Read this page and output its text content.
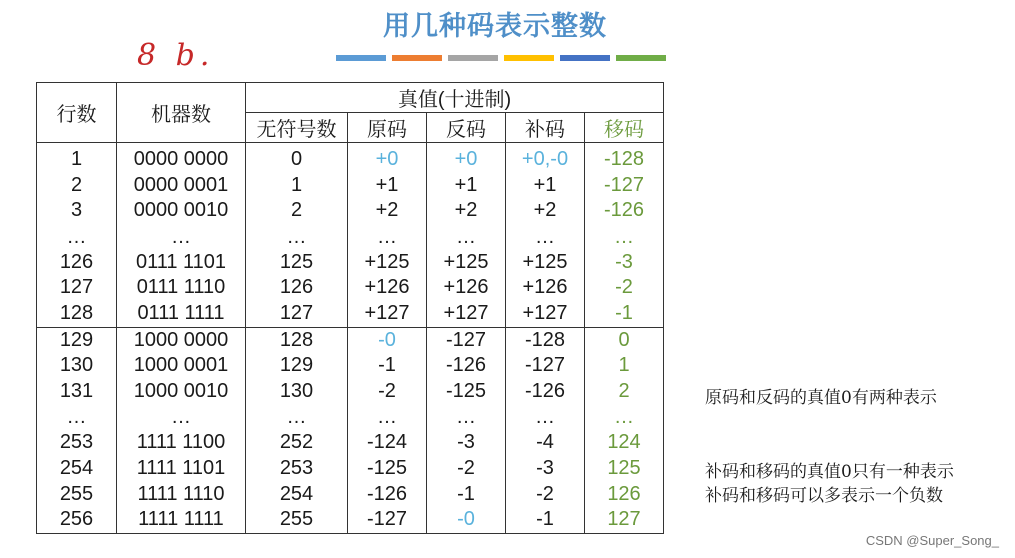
用几种码表示整数
8 b.
行数	机器数	真值(十进制)				
		无符号数	原码	反码	补码	移码
1	0000 0000	0	+0	+0	+0,-0	-128
2	0000 0001	1	+1	+1	+1	-127
3	0000 0010	2	+2	+2	+2	-126
…	…	…	…	…	…	…
126	0111 1101	125	+125	+125	+125	-3
127	0111 1110	126	+126	+126	+126	-2
128	0111 1111	127	+127	+127	+127	-1
129	1000 0000	128	-0	-127	-128	0
130	1000 0001	129	-1	-126	-127	1
131	1000 0010	130	-2	-125	-126	2
…	…	…	…	…	…	…
253	1111 1100	252	-124	-3	-4	124
254	1111 1101	253	-125	-2	-3	125
255	1111 1110	254	-126	-1	-2	126
256	1111 1111	255	-127	-0	-1	127
原码和反码的真值0有两种表示
补码和移码的真值0只有一种表示
补码和移码可以多表示一个负数
CSDN @Super_Song_
